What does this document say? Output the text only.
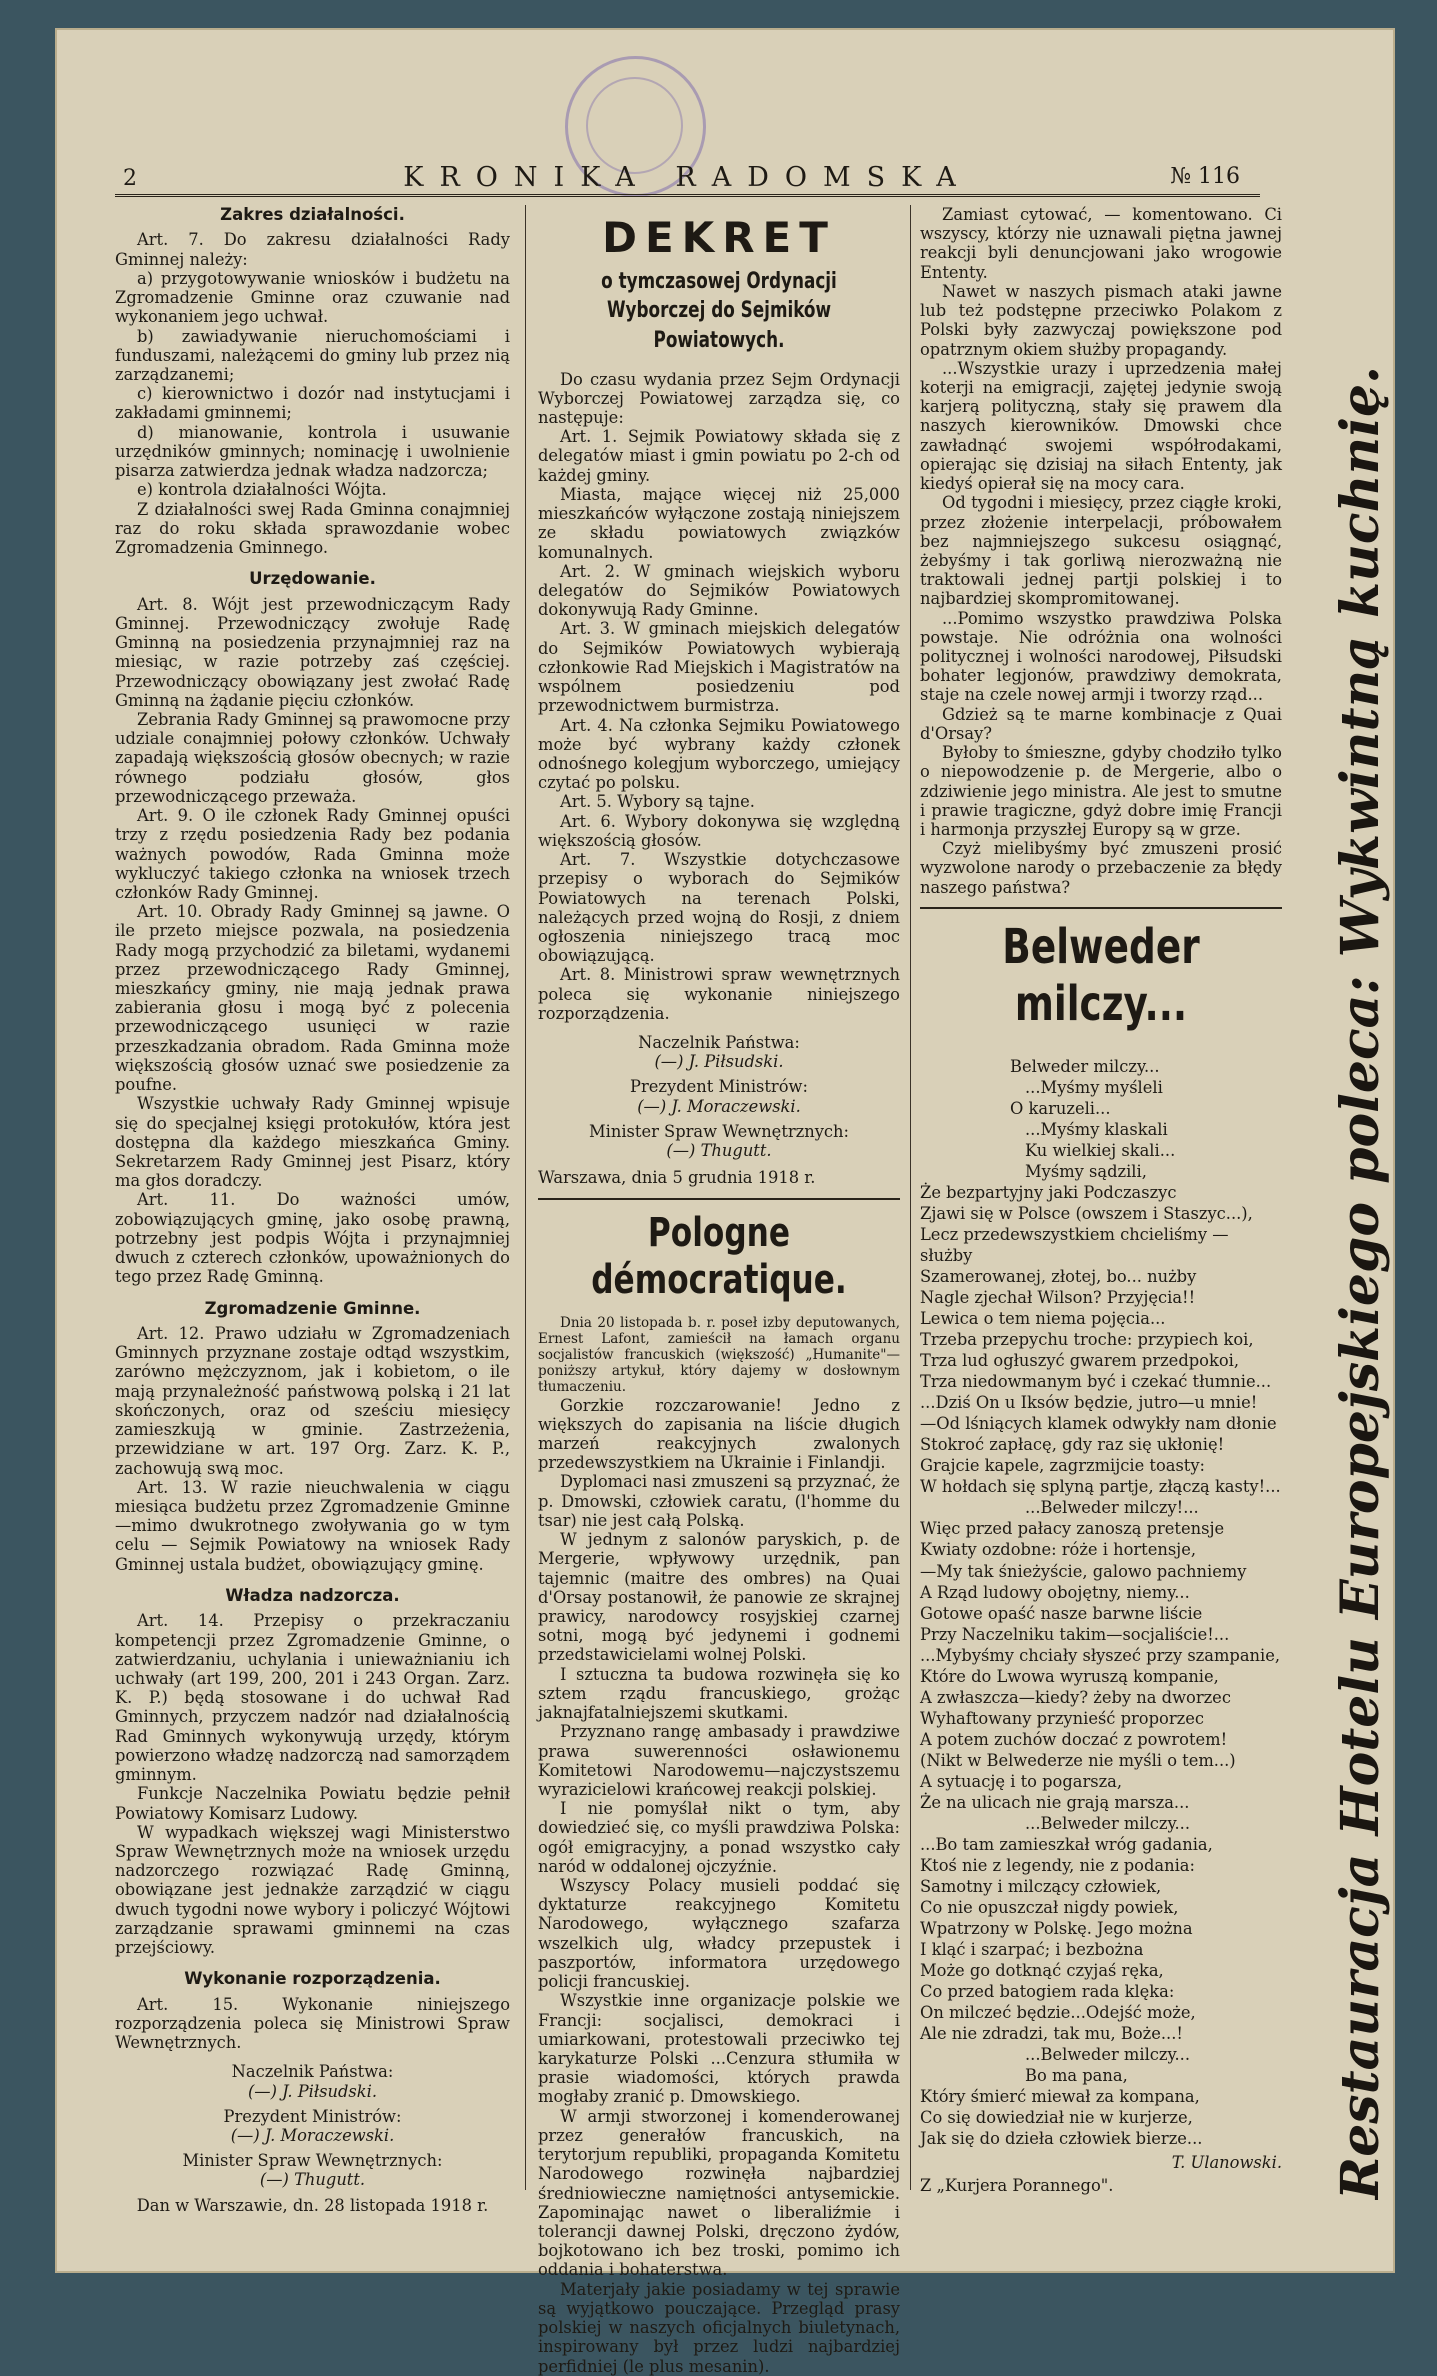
2	KRONIKA RADOMSKA	№ 116

Zakres działalności.

Art. 7. Do zakresu działalności Rady Gminnej należy:

a) przygotowywanie wniosków i budżetu na Zgromadzenie Gminne oraz czuwanie nad wykonaniem jego uchwał.

b) zawiadywanie nieruchomościami i funduszami, należącemi do gminy lub przez nią zarządzanemi;

c) kierownictwo i dozór nad instytucjami i zakładami gminnemi;

d) mianowanie, kontrola i usuwanie urzędników gminnych; nominację i uwolnienie pisarza zatwierdza jednak władza nadzorcza;

e) kontrola działalności Wójta.

Z działalności swej Rada Gminna conajmniej raz do roku składa sprawozdanie wobec Zgromadzenia Gminnego.

Urzędowanie.

Art. 8. Wójt jest przewodniczącym Rady Gminnej. Przewodniczący zwołuje Radę Gminną na posiedzenia przynajmniej raz na miesiąc, w razie potrzeby zaś częściej. Przewodniczący obowiązany jest zwołać Radę Gminną na żądanie pięciu członków.

Zebrania Rady Gminnej są prawomocne przy udziale conajmniej połowy członków. Uchwały zapadają większością głosów obecnych; w razie równego podziału głosów, głos przewodniczącego przeważa.

Art. 9. O ile członek Rady Gminnej opuści trzy z rzędu posiedzenia Rady bez podania ważnych powodów, Rada Gminna może wykluczyć takiego członka na wniosek trzech członków Rady Gminnej.

Art. 10. Obrady Rady Gminnej są jawne. O ile przeto miejsce pozwala, na posiedzenia Rady mogą przychodzić za biletami, wydanemi przez przewodniczącego Rady Gminnej, mieszkańcy gminy, nie mają jednak prawa zabierania głosu i mogą być z polecenia przewodniczącego usunięci w razie przeszkadzania obradom. Rada Gminna może większością głosów uznać swe posiedzenie za poufne.

Wszystkie uchwały Rady Gminnej wpisuje się do specjalnej księgi protokułów, która jest dostępna dla każdego mieszkańca Gminy. Sekretarzem Rady Gminnej jest Pisarz, który ma głos doradczy.

Art. 11. Do ważności umów, zobowiązujących gminę, jako osobę prawną, potrzebny jest podpis Wójta i przynajmniej dwuch z czterech członków, upoważnionych do tego przez Radę Gminną.

Zgromadzenie Gminne.

Art. 12. Prawo udziału w Zgromadzeniach Gminnych przyznane zostaje odtąd wszystkim, zarówno mężczyznom, jak i kobietom, o ile mają przynależność państwową polską i 21 lat skończonych, oraz od sześciu miesięcy zamieszkują w gminie. Zastrzeżenia, przewidziane w art. 197 Org. Zarz. K. P., zachowują swą moc.

Art. 13. W razie nieuchwalenia w ciągu miesiąca budżetu przez Zgromadzenie Gminne—mimo dwukrotnego zwoływania go w tym celu — Sejmik Powiatowy na wniosek Rady Gminnej ustala budżet, obowiązujący gminę.

Władza nadzorcza.

Art. 14. Przepisy o przekraczaniu kompetencji przez Zgromadzenie Gminne, o zatwierdzaniu, uchylania i unieważnianiu ich uchwały (art 199, 200, 201 i 243 Organ. Zarz. K. P.) będą stosowane i do uchwał Rad Gminnych, przyczem nadzór nad działalnością Rad Gminnych wykonywują urzędy, którym powierzono władzę nadzorczą nad samorządem gminnym.

Funkcje Naczelnika Powiatu będzie pełnił Powiatowy Komisarz Ludowy.

W wypadkach większej wagi Ministerstwo Spraw Wewnętrznych może na wniosek urzędu nadzorczego rozwiązać Radę Gminną, obowiązane jest jednakże zarządzić w ciągu dwuch tygodni nowe wybory i policzyć Wójtowi zarządzanie sprawami gminnemi na czas przejściowy.

Wykonanie rozporządzenia.

Art. 15. Wykonanie niniejszego rozporządzenia poleca się Ministrowi Spraw Wewnętrznych.

Naczelnik Państwa:

(—) J. Piłsudski.

Prezydent Ministrów:

(—) J. Moraczewski.

Minister Spraw Wewnętrznych:

(—) Thugutt.

Dan w Warszawie, dn. 28 listopada 1918 r.

DEKRET
o tymczasowej Ordynacji Wyborczej do Sejmików Powiatowych.

Do czasu wydania przez Sejm Ordynacji Wyborczej Powiatowej zarządza się, co następuje:

Art. 1. Sejmik Powiatowy składa się z delegatów miast i gmin powiatu po 2-ch od każdej gminy.

Miasta, mające więcej niż 25,000 mieszkańców wyłączone zostają niniejszem ze składu powiatowych związków komunalnych.

Art. 2. W gminach wiejskich wyboru delegatów do Sejmików Powiatowych dokonywują Rady Gminne.

Art. 3. W gminach miejskich delegatów do Sejmików Powiatowych wybierają członkowie Rad Miejskich i Magistratów na wspólnem posiedzeniu pod przewodnictwem burmistrza.

Art. 4. Na członka Sejmiku Powiatowego może być wybrany każdy członek odnośnego kolegjum wyborczego, umiejący czytać po polsku.

Art. 5. Wybory są tajne.

Art. 6. Wybory dokonywa się względną większością głosów.

Art. 7. Wszystkie dotychczasowe przepisy o wyborach do Sejmików Powiatowych na terenach Polski, należących przed wojną do Rosji, z dniem ogłoszenia niniejszego tracą moc obowiązującą.

Art. 8. Ministrowi spraw wewnętrznych poleca się wykonanie niniejszego rozporządzenia.

Naczelnik Państwa:

(—) J. Piłsudski.

Prezydent Ministrów:

(—) J. Moraczewski.

Minister Spraw Wewnętrznych:

(—) Thugutt.

Warszawa, dnia 5 grudnia 1918 r.

Pologne démocratique.

Dnia 20 listopada b. r. poseł izby deputowanych, Ernest Lafont, zamieścił na łamach organu socjalistów francuskich (większość) „Humanite"—poniższy artykuł, który dajemy w dosłownym tłumaczeniu.

Gorzkie rozczarowanie! Jedno z większych do zapisania na liście długich marzeń reakcyjnych zwalonych przedewszystkiem na Ukrainie i Finlandji.

Dyplomaci nasi zmuszeni są przyznać, że p. Dmowski, człowiek caratu, (l'homme du tsar) nie jest całą Polską.

W jednym z salonów paryskich, p. de Mergerie, wpływowy urzędnik, pan tajemnic (maitre des ombres) na Quai d'Orsay postanowił, że panowie ze skrajnej prawicy, narodowcy rosyjskiej czarnej sotni, mogą być jedynemi i godnemi przedstawicielami wolnej Polski.

I sztuczna ta budowa rozwinęła się ko sztem rządu francuskiego, grożąc jaknajfatalniejszemi skutkami.

Przyznano rangę ambasady i prawdziwe prawa suwerenności osławionemu Komitetowi Narodowemu—najczystszemu wyrazicielowi krańcowej reakcji polskiej.

I nie pomyślał nikt o tym, aby dowiedzieć się, co myśli prawdziwa Polska: ogół emigracyjny, a ponad wszystko cały naród w oddalonej ojczyźnie.

Wszyscy Polacy musieli poddać się dyktaturze reakcyjnego Komitetu Narodowego, wyłącznego szafarza wszelkich ulg, władcy przepustek i paszportów, informatora urzędowego policji francuskiej.

Wszystkie inne organizacje polskie we Francji: socjalisci, demokraci i umiarkowani, protestowali przeciwko tej karykaturze Polski ...Cenzura stłumiła w prasie wiadomości, których prawda mogłaby zranić p. Dmowskiego.

W armji stworzonej i komenderowanej przez generałów francuskich, na terytorjum republiki, propaganda Komitetu Narodowego rozwinęła najbardziej średniowieczne namiętności antysemickie. Zapominając nawet o liberaliźmie i tolerancji dawnej Polski, dręczono żydów, bojkotowano ich bez troski, pomimo ich oddania i bohaterstwa.

Materjały jakie posiadamy w tej sprawie są wyjątkowo pouczające. Przegląd prasy polskiej w naszych oficjalnych biuletynach, inspirowany był przez ludzi najbardziej perfidniej (le plus mesanin).

Zamiast cytować, — komentowano. Ci wszyscy, którzy nie uznawali piętna jawnej reakcji byli denuncjowani jako wrogowie Ententy.

Nawet w naszych pismach ataki jawne lub też podstępne przeciwko Polakom z Polski były zazwyczaj powiększone pod opatrznym okiem służby propagandy.

...Wszystkie urazy i uprzedzenia małej koterji na emigracji, zajętej jedynie swoją karjerą polityczną, stały się prawem dla naszych kierowników. Dmowski chce zawładnąć swojemi współrodakami, opierając się dzisiaj na siłach Ententy, jak kiedyś opierał się na mocy cara.

Od tygodni i miesięcy, przez ciągłe kroki, przez złożenie interpelacji, próbowałem bez najmniejszego sukcesu osiągnąć, żebyśmy i tak gorliwą nierozważną nie traktowali jednej partji polskiej i to najbardziej skompromitowanej.

...Pomimo wszystko prawdziwa Polska powstaje. Nie odróżnia ona wolności politycznej i wolności narodowej, Piłsudski bohater legjonów, prawdziwy demokrata, staje na czele nowej armji i tworzy rząd...

Gdzież są te marne kombinacje z Quai d'Orsay?

Byłoby to śmieszne, gdyby chodziło tylko o niepowodzenie p. de Mergerie, albo o zdziwienie jego ministra. Ale jest to smutne i prawie tragiczne, gdyż dobre imię Francji i harmonja przyszłej Europy są w grze.

Czyż mielibyśmy być zmuszeni prosić wyzwolone narody o przebaczenie za błędy naszego państwa?

Belweder milczy...

Belweder milczy...

...Myśmy myśleli

O karuzeli...

...Myśmy klaskali

Ku wielkiej skali...

Myśmy sądzili,

Że bezpartyjny jaki Podczaszyc

Zjawi się w Polsce (owszem i Staszyc...),

Lecz przedewszystkiem chcieliśmy — służby

Szamerowanej, złotej, bo... nużby

Nagle zjechał Wilson? Przyjęcia!!

Lewica o tem niema pojęcia...

Trzeba przepychu troche: przypiech koi,

Trza lud ogłuszyć gwarem przedpokoi,

Trza niedowmanym być i czekać tłumnie...

...Dziś On u Iksów będzie, jutro—u mnie!

—Od lśniących klamek odwykły nam dłonie

Stokroć zapłacę, gdy raz się ukłonię!

Grajcie kapele, zagrzmijcie toasty:

W hołdach się splyną partje, złączą kasty!...

...Belweder milczy!...

Więc przed pałacy zanoszą pretensje

Kwiaty ozdobne: róże i hortensje,

—My tak śnieżyście, galowo pachniemy

A Rząd ludowy obojętny, niemy...

Gotowe opaść nasze barwne liście

Przy Naczelniku takim—socjaliście!...

...Mybyśmy chciały słyszeć przy szampanie,

Które do Lwowa wyruszą kompanie,

A zwłaszcza—kiedy? żeby na dworzec

Wyhaftowany przynieść proporzec

A potem zuchów doczać z powrotem!

(Nikt w Belwederze nie myśli o tem...)

A sytuację i to pogarsza,

Że na ulicach nie grają marsza...

...Belweder milczy...

...Bo tam zamieszkał wróg gadania,

Ktoś nie z legendy, nie z podania:

Samotny i milczący człowiek,

Co nie opuszczał nigdy powiek,

Wpatrzony w Polskę. Jego można

I kląć i szarpać; i bezbożna

Może go dotknąć czyjaś ręka,

Co przed batogiem rada klęka:

On milczeć będzie...Odejść może,

Ale nie zdradzi, tak mu, Boże...!

...Belweder milczy...

Bo ma pana,

Który śmierć miewał za kompana,

Co się dowiedział nie w kurjerze,

Jak się do dzieła człowiek bierze...

T. Ulanowski.

Z „Kurjera Porannego".	Restauracja Hotelu Europejskiego poleca: Wykwintną kuchnię.
